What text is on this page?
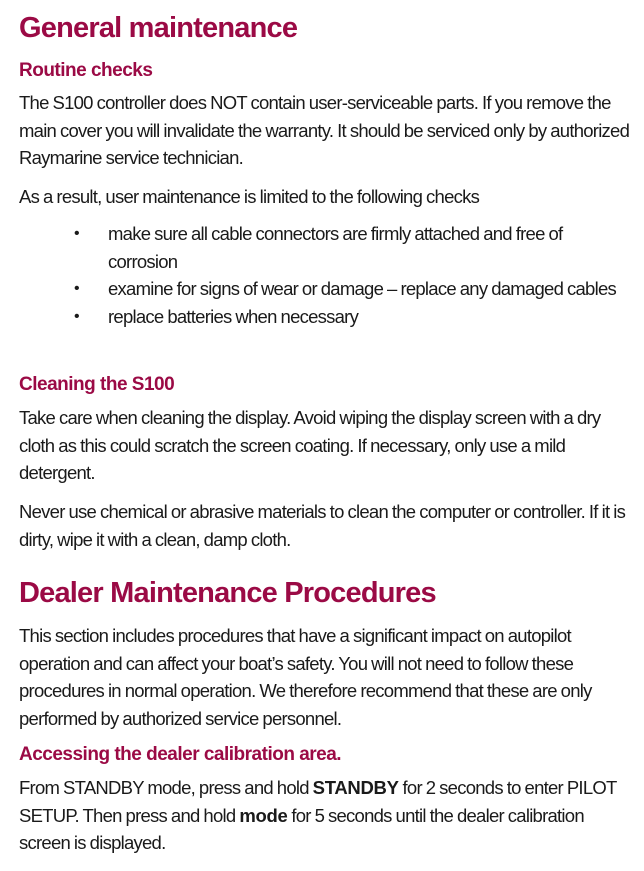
General maintenance
Routine checks
The S100 controller does NOT contain user-serviceable parts. If you remove the main cover you will invalidate the warranty. It should be serviced only by authorized Raymarine service technician.
As a result, user maintenance is limited to the following checks
• make sure all cable connectors are firmly attached and free of corrosion
• examine for signs of wear or damage – replace any damaged cables
• replace batteries when necessary
Cleaning the S100
Take care when cleaning the display. Avoid wiping the display screen with a dry cloth as this could scratch the screen coating. If necessary, only use a mild detergent.
Never use chemical or abrasive materials to clean the computer or controller. If it is dirty, wipe it with a clean, damp cloth.
Dealer Maintenance Procedures
This section includes procedures that have a significant impact on autopilot operation and can affect your boat’s safety. You will not need to follow these procedures in normal operation. We therefore recommend that these are only performed by authorized service personnel.
Accessing the dealer calibration area.
From STANDBY mode, press and hold STANDBY for 2 seconds to enter PILOT SETUP. Then press and hold mode for 5 seconds until the dealer calibration screen is displayed.
